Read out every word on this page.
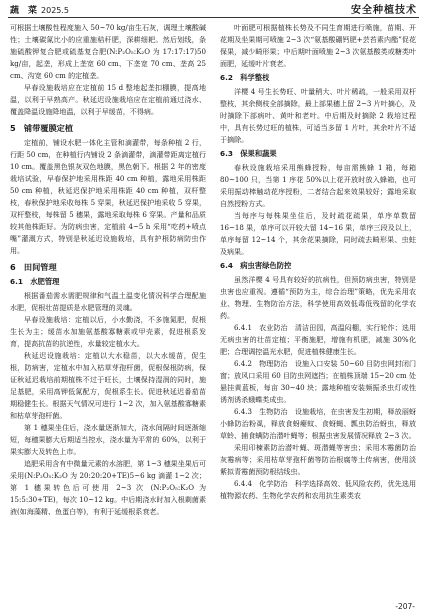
蔬　菜 2025.5	安全种植技术

可根据土壤酸性程度施入 50~70 kg/亩生石灰，调理土壤酸碱性；土壤碳氮比小的应重施秸秆肥，深耕细耙。然后划线，条施硫酸钾复合肥或硫基复合肥(N:P₂O₅:K₂O 为 17:17:17)50 kg/亩，起垄，形成上垄宽 60 cm、下垄宽 70 cm、垄高 25 cm、沟宽 60 cm 的定植垄。

早春设施栽培应在定植前 15 d 整地起垄扣棚膜，提高地温，以利于早熟高产。秋延迟设施栽培应在定植前通过浇水、覆盖降温设施降地温，以利于早缓苗，不得病。

5　铺带覆膜定植

定植前，铺设水肥一体化主管和滴灌带，每条种植 2 行，行距 50 cm，在种植行内铺设 2 条滴灌带，滴灌带距离定植行 10 cm。覆盖黑色银灰双色地膜，黑色朝下。根据 2 年的密度栽培试验，早春保护地采用株距 40 cm 种植，露地采用株距 50 cm 种植，秋延迟保护地采用株距 40 cm 种植，双杆整枝，春秋保护地采收每株 5 穿果，秋延迟保护地采收 5 穿果，双杆整枝，每株留 5 穗果，露地采取每株 6 穿果。产量和品质较其他株距好。为防病虫害，定植前 4~5 h 采用“吃药+喷点嘴”灌溉方式，特别是秋延迟设施栽培，具有护根防病防虫作用。

6　田间管理
6.1　水肥管理

根据番茄需水需肥规律和气温土温变化情况科学合理配施水肥，促根壮苗提质是水肥管理的灵魂。

早春设施栽培：定植以后，小水勤浇，不多施氮肥，促根生长为主；缓苗水加施氨基酸寡糖素或甲壳素，促进根系发育，提高抗苗的抗逆性，水量较定植水大。

秋延迟设施栽培：定植以大水稳苗，以大水缓苗，促生根，防病害，定植水中加入枯草芽孢杆菌，促根保根防病，保证秋延迟栽培前期植株不过于旺长，土壤保持湿润的同时，施足基肥，采用高钾低氮配方，促根系生长。促进秋延迟番茄苗期稳健生长。根据天气情况可进行 1~2 次，加入氨基酸寡糖素和枯草芽孢杆菌。

第 1 穗果坐住后，浇水量逐渐加大，浇水间隔时间逐渐缩短，每穗果膨大后期适当控水，浇水量为平常的 60%，以利于果实膨大及转色上市。

追肥采用含有中微量元素的水溶肥，第 1~3 穗果坐果后可采用(N:P₂O₅:K₂O 为 20:20:20+TE)5~6 kg 滴灌 1~2 次；第 1 穗果转色后可使用 2~3 次 (N:P₂O₅:K₂O 为 15:5:30+TE)，每次 10~12 kg。中后期浇水时加入根剩菌素液(如海藻精、鱼蛋白等)，有利于延缓根系衰老。

叶面肥可根据植株长势及不同生育期进行喷施，苗期、开花期及坐果期可喷施 2~3 次“氨基酸硼钙肥+芸苔素内酯”促花保果，减少畸形果；中后期叶面喷施 2~3 次氨基酸类或糖类叶面肥，延缓叶片衰老。

6.2　科学整枝

洋樱 4 号生长势旺、叶量稍大、叶片稀疏，一般采用双杆整枝，其余侧枝全部摘除，最上部果穗上留 2~3 片叶摘心，及时摘除下部病叶、黄叶和老叶。中后期及时摘除 2 栽培过程中，具有长势过旺的植株，可适当多留 1 片叶，其余叶片不适于摘除。

6.3　保果和蔬果

春秋设施栽培采用熊蜂授粉，每亩需熊蜂 1 箱，每箱 80~100 只，当第 1 序花 50%以上花开放时放入蜂箱，也可采用振动棒触动花序授粉，二者结合起来效果较好；露地采取自然授粉方式。

当每序与每株果坐住后，及时疏花疏果，单序单数留 16~18 果，单序可以开较大留 14~16 果，单序三段及以上，单序每留 12~14 个，其余花果摘除，同时疏去畸形果、虫蛀及病果。

6.4　病虫害绿色防控

虽然洋樱 4 号具有较好的抗病性，但预防病虫害，特别是虫害也应重视。遵循“预防为主，综合治理”策略，优先采用农业、物理、生物防治方法，科学使用高效低毒低残留的化学农药。

6.4.1　农业防治　清洁田园，高温闷棚，实行轮作；选用无病虫害的壮苗定植；平衡施肥，增施有机肥，减施 30%化肥；合理调控温光水肥，促进植株健康生长。

6.4.2　物理防治　设施入口安装 50~60 目防虫网封闭门窗；放风口采用 60 目防虫网遮挡；在植株顶端 15~20 cm 处悬挂黄蓝板，每亩 30~40 块；露地种植安装频振杀虫灯或性诱剂诱杀蛾蝶类成虫。

6.4.3　生物防治　设施栽培，在虫害发生初期，释放丽蚜小蜂防治粉虱，释放食蚜瘿蚊、食蚜蝇、瓢虫防治蚜虫，释放草蛉、捕食螨防治潜叶蝇等；根据虫害发展情况释放 2~3 次。

采用印楝素防治潜叶蝇、斑潜蝇等害虫；采用木霉菌防治灰霉病等；采用枯草芽孢杆菌等防治根腐等土传病害，使用淡紫拟青霉菌预防根结线虫。

6.4.4　化学防治　科学选择高效、低风险农药，优先选用植物源农药、生物化学农药和农用抗生素类农

-207-
